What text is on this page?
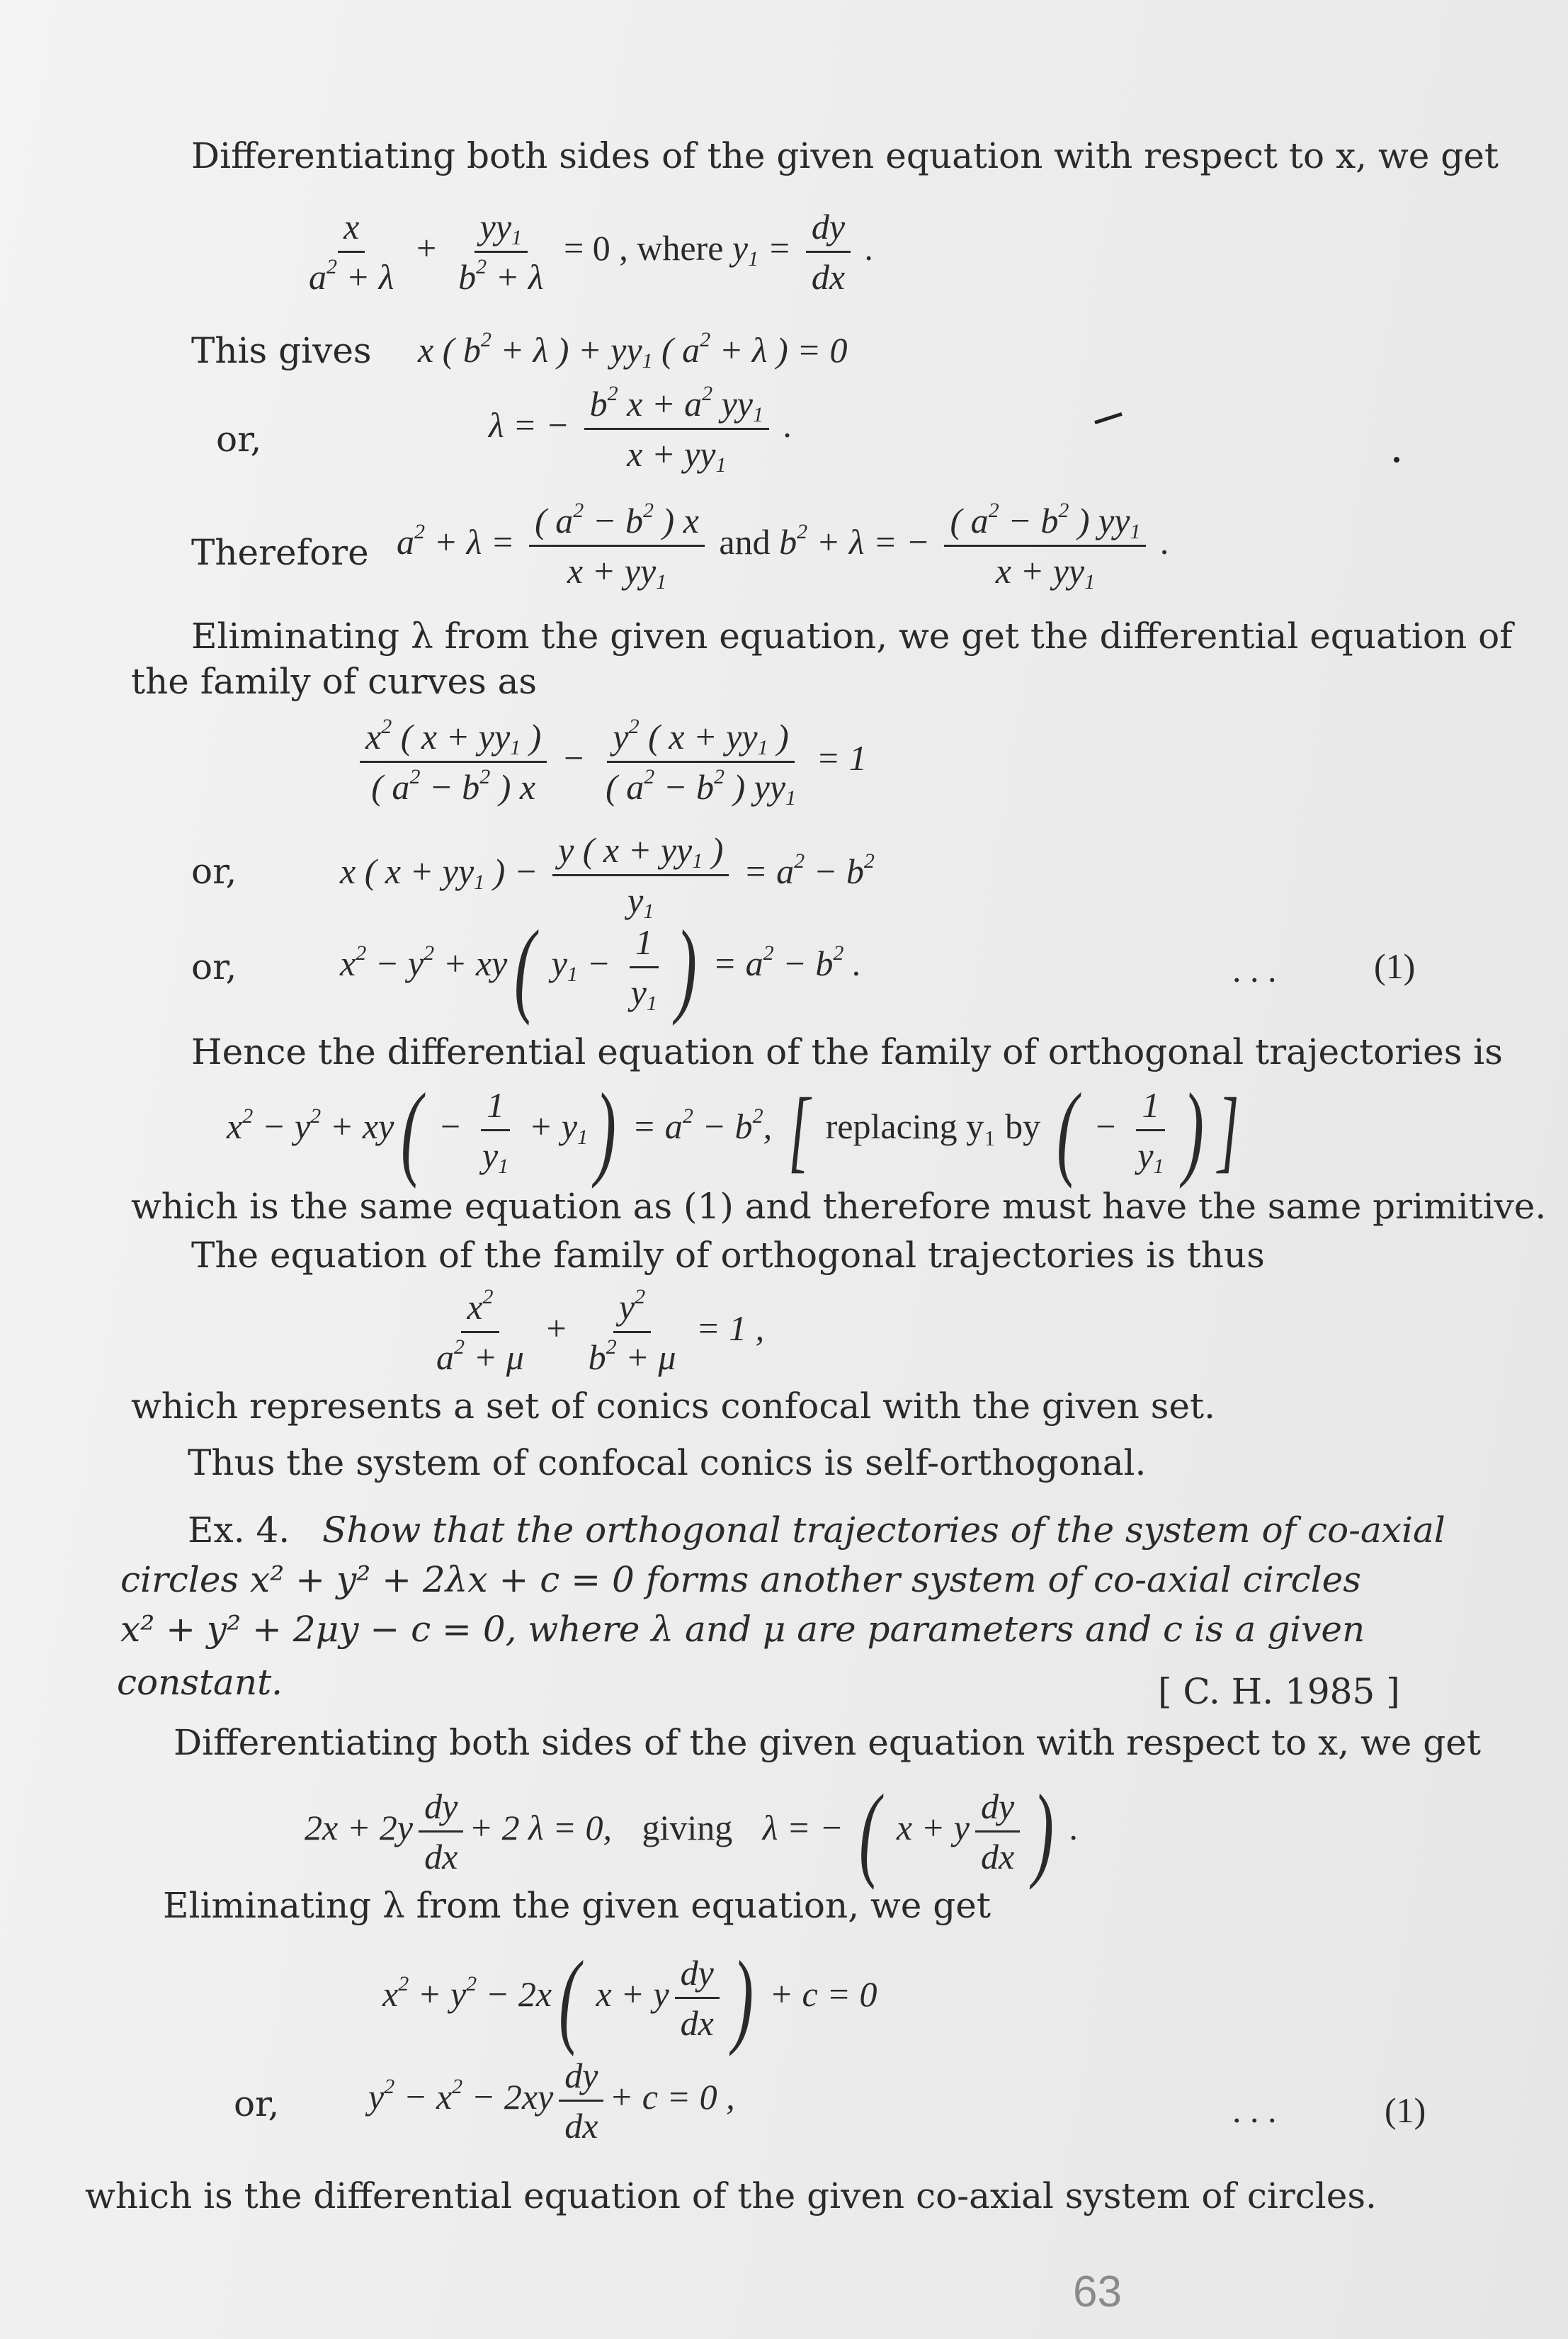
Differentiating both sides of the given equation with respect to x, we get
$\frac{x}{a^2 + \lambda} + \frac{yy_1}{b^2 + \lambda} = 0$ , where $y_1 = \frac{dy}{dx}$ .
This gives x ( $b^2 + \lambda$ ) + $yy_1$ ( $a^2 + \lambda$ ) = 0
or,	λ = − $\frac{b^2 x + a^2 yy_1}{x + yy_1}$ .
Therefore $a^2 + \lambda = \frac{( a^2 - b^2 ) x}{x + yy_1}$ and $b^2 + \lambda$ = − $\frac{( a^2 - b^2 ) yy_1}{x + yy_1}$ .
Eliminating λ from the given equation, we get the differential equation of
the family of curves as
$\frac{x^2 ( x + yy_1 )}{( a^2 - b^2 ) x} - \frac{y^2 ( x + yy_1 )}{( a^2 - b^2 ) yy_1} = 1$
or,	x ( $x + yy_1$ ) − $\frac{y ( x + yy_1 )}{y_1} = a^2 - b^2$
or,	$x^2 - y^2 + xy$( $y_1 - \frac{1}{y_1}$ ) = $a^2 - b^2$ .	. . .	(1)
Hence the differential equation of the family of orthogonal trajectories is
$x^2 - y^2 + xy( - \frac{1}{y_1} + y_1) = a^2 - b^2$, [ replacing y₁ by ( − $\frac{1}{y_1}$ ) ]
which is the same equation as (1) and therefore must have the same primitive.
The equation of the family of orthogonal trajectories is thus
$\frac{x^2}{a^2 + \mu} + \frac{y^2}{b^2 + \mu} = 1$ ,
which represents a set of conics confocal with the given set.
Thus the system of confocal conics is self-orthogonal.
Ex. 4. Show that the orthogonal trajectories of the system of co-axial
circles x² + y² + 2λx + c = 0 forms another system of co-axial circles
x² + y² + 2μy − c = 0, where λ and μ are parameters and c is a given
constant.	[ C. H. 1985 ]
Differentiating both sides of the given equation with respect to x, we get
$2x + 2y \frac{dy}{dx} + 2$ λ = 0, giving λ = − ( x + y $\frac{dy}{dx}$ ) .
Eliminating λ from the given equation, we get
$x^2 + y^2 - 2x$( x + y $\frac{dy}{dx}$ ) + c = 0
or,	$y^2 - x^2 - 2xy \frac{dy}{dx} + c = 0$ ,	. . .	(1)
which is the differential equation of the given co-axial system of circles.
63
